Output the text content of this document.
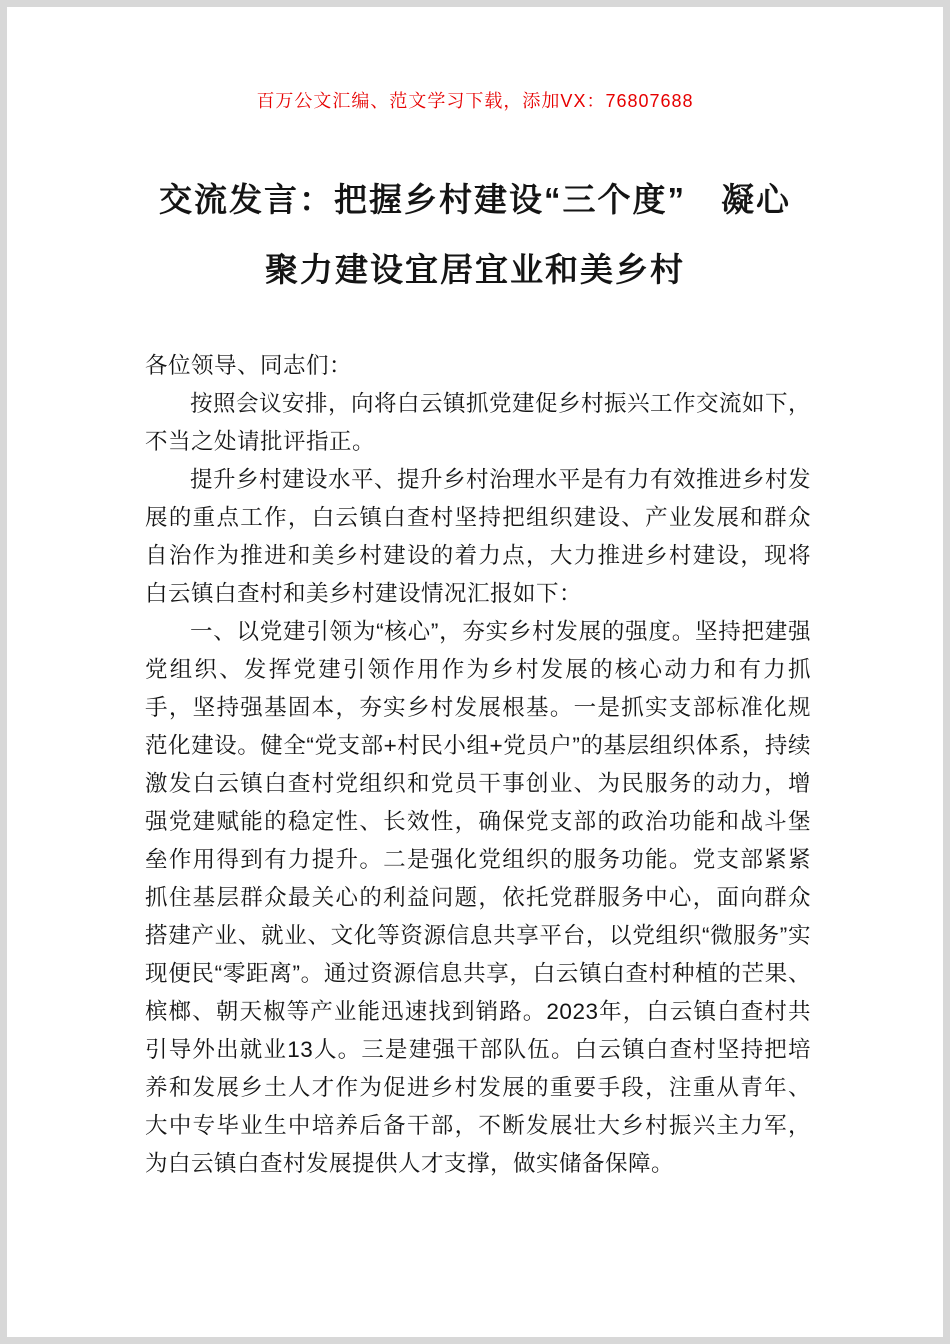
百万公文汇编、范文学习下载，添加VX：76807688
交流发言：把握乡村建设“三个度”　凝心
聚力建设宜居宜业和美乡村

各位领导、同志们：

按照会议安排，向将白云镇抓党建促乡村振兴工作交流如下，不当之处请批评指正。

提升乡村建设水平、提升乡村治理水平是有力有效推进乡村发展的重点工作，白云镇白查村坚持把组织建设、产业发展和群众自治作为推进和美乡村建设的着力点，大力推进乡村建设，现将白云镇白查村和美乡村建设情况汇报如下：

一、以党建引领为“核心”，夯实乡村发展的强度。坚持把建强党组织、发挥党建引领作用作为乡村发展的核心动力和有力抓手，坚持强基固本，夯实乡村发展根基。一是抓实支部标准化规范化建设。健全“党支部+村民小组+党员户”的基层组织体系，持续激发白云镇白查村党组织和党员干事创业、为民服务的动力，增强党建赋能的稳定性、长效性，确保党支部的政治功能和战斗堡垒作用得到有力提升。二是强化党组织的服务功能。党支部紧紧抓住基层群众最关心的利益问题，依托党群服务中心，面向群众搭建产业、就业、文化等资源信息共享平台，以党组织“微服务”实现便民“零距离”。通过资源信息共享，白云镇白查村种植的芒果、槟榔、朝天椒等产业能迅速找到销路。2023年，白云镇白查村共引导外出就业13人。三是建强干部队伍。白云镇白查村坚持把培养和发展乡土人才作为促进乡村发展的重要手段，注重从青年、大中专毕业生中培养后备干部，不断发展壮大乡村振兴主力军，为白云镇白查村发展提供人才支撑，做实储备保障。
